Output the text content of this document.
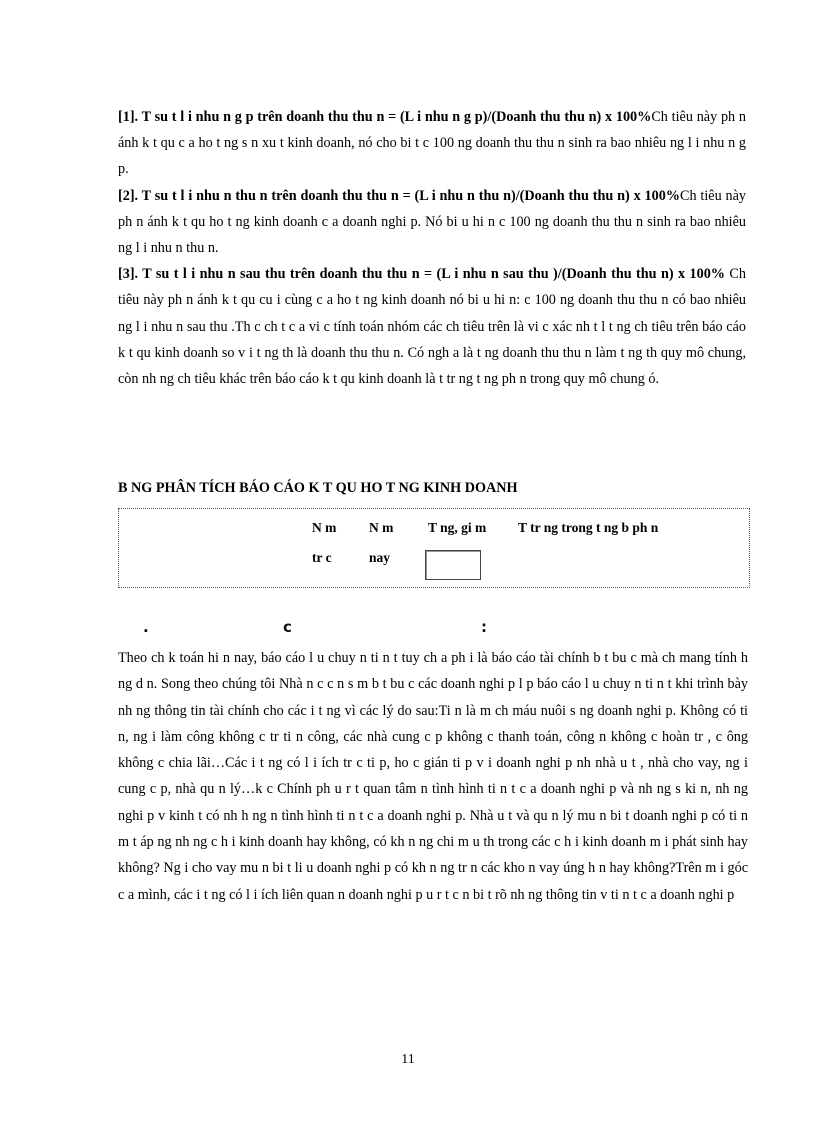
[1]. T su t l i nhu n g p trên doanh thu thu n = (L i nhu n g p)/(Doanh thu thu n) x 100%Ch tiêu này ph n ánh k t qu c a ho t ng s n xu t kinh doanh, nó cho bi t c 100 ng doanh thu thu n sinh ra bao nhiêu ng l i nhu n g p.

[2]. T su t l i nhu n thu n trên doanh thu thu n = (L i nhu n thu n)/(Doanh thu thu n) x 100%Ch tiêu này ph n ánh k t qu ho t ng kinh doanh c a doanh nghi p. Nó bi u hi n c 100 ng doanh thu thu n sinh ra bao nhiêu ng l i nhu n thu n.

[3]. T su t l i nhu n sau thu trên doanh thu thu n = (L i nhu n sau thu )/(Doanh thu thu n) x 100% Ch tiêu này ph n ánh k t qu cu i cùng c a ho t ng kinh doanh nó bi u hi n: c 100 ng doanh thu thu n có bao nhiêu ng l i nhu n sau thu .Th c ch t c a vi c tính toán nhóm các ch tiêu trên là vi c xác nh t l t ng ch tiêu trên báo cáo k t qu kinh doanh so v i t ng th là doanh thu thu n. Có ngh a là t ng doanh thu thu n làm t ng th quy mô chung, còn nh ng ch tiêu khác trên báo cáo k t qu kinh doanh là t tr ng t ng ph n trong quy mô chung ó.

B NG PHÂN TÍCH BÁO CÁO K T QU HO T NG KINH DOANH
N m
tr c
N m
nay
T ng, gi m T tr ng trong t ng b ph n
.	c	:

Theo ch k toán hi n nay, báo cáo l u chuy n ti n t tuy ch a ph i là báo cáo tài chính b t bu c mà ch mang tính h ng d n. Song theo chúng tôi Nhà n c c n s m b t bu c các doanh nghi p l p báo cáo l u chuy n ti n t khi trình bày nh ng thông tin tài chính cho các i t ng vì các lý do sau:Ti n là m ch máu nuôi s ng doanh nghi p. Không có ti n, ng i làm công không c tr ti n công, các nhà cung c p không c thanh toán, công n không c hoàn tr , c ông không c chia lãi…Các i t ng có l i ích tr c ti p, ho c gián ti p v i doanh nghi p nh nhà u t , nhà cho vay, ng i cung c p, nhà qu n lý…k c Chính ph u r t quan tâm n tình hình ti n t c a doanh nghi p và nh ng s ki n, nh ng nghi p v kinh t có nh h ng n tình hình ti n t c a doanh nghi p. Nhà u t và qu n lý mu n bi t doanh nghi p có ti n m t áp ng nh ng c h i kinh doanh hay không, có kh n ng chi m u th trong các c h i kinh doanh m i phát sinh hay không? Ng i cho vay mu n bi t li u doanh nghi p có kh n ng tr n các kho n vay úng h n hay không?Trên m i góc c a mình, các i t ng có l i ích liên quan n doanh nghi p u r t c n bi t rõ nh ng thông tin v ti n t c a doanh nghi p

11
